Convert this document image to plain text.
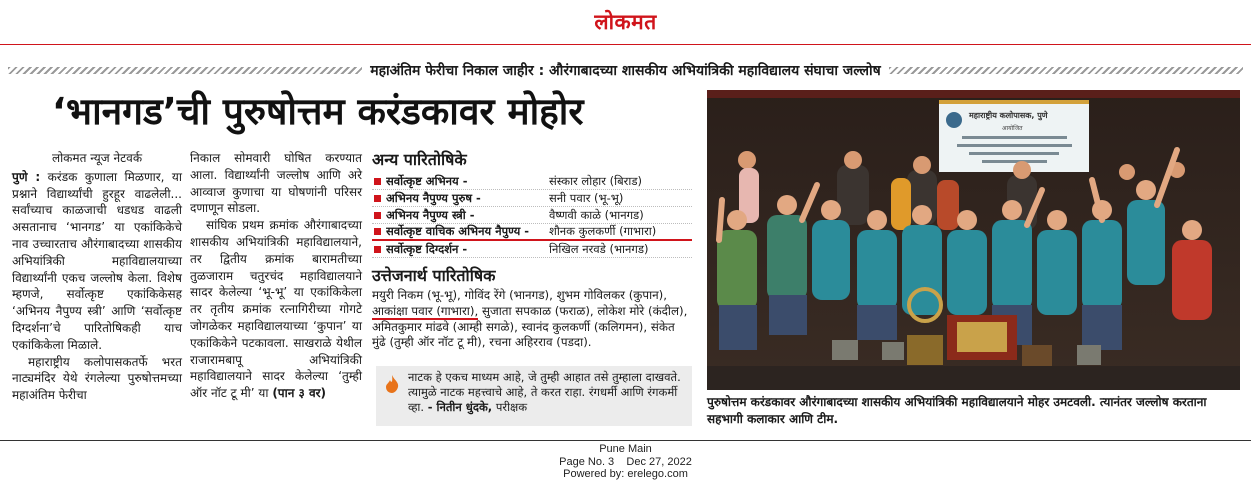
लोकमत
महाअंतिम फेरीचा निकाल जाहीर : औरंगाबादच्या शासकीय अभियांत्रिकी महाविद्यालय संघाचा जल्लोष
‘भानगड’ची पुरुषोत्तम करंडकावर मोहोर
लोकमत न्यूज नेटवर्क

पुणे : करंडक कुणाला मिळणार, या प्रश्नाने विद्यार्थ्यांची हुरहूर वाढलेली... सर्वांच्याच काळजाची धडधड वाढली असतानाच ‘भानगड’ या एकांकिकेचे नाव उच्चारताच औरंगाबादच्या शासकीय अभियांत्रिकी महाविद्यालयाच्या विद्यार्थ्यांनी एकच जल्लोष केला. विशेष म्हणजे, सर्वोत्कृष्ट एकांकिकेसह ‘अभिनय नैपुण्य स्त्री’ आणि ‘सर्वोत्कृष्ट दिग्दर्शना’चे पारितोषिकही याच एकांकिकेला मिळाले.

महाराष्ट्रीय कलोपासकतर्फे भरत नाट्यमंदिर येथे रंगलेल्या पुरुषोत्तमच्या महाअंतिम फेरीचा

निकाल सोमवारी घोषित करण्यात आला. विद्यार्थ्यांनी जल्लोष आणि अरे आव्वाज कुणाचा या घोषणांनी परिसर दणाणून सोडला.

सांघिक प्रथम क्रमांक औरंगाबादच्या शासकीय अभियांत्रिकी महाविद्यालयाने, तर द्वितीय क्रमांक बारामतीच्या तुळजाराम चतुरचंद महाविद्यालयाने सादर केलेल्या ‘भू-भू’ या एकांकिकेला तर तृतीय क्रमांक रत्नागिरीच्या गोगटे जोगळेकर महाविद्यालयाच्या ‘कुपान’ या एकांकिकेने पटकावला. साखराळे येथील राजारामबापू अभियांत्रिकी महाविद्यालयाने सादर केलेल्या ‘तुम्ही ऑर नॉट टू मी’ या (पान ३ वर)

अन्य पारितोषिके
सर्वोत्कृष्ट अभिनय -	संस्कार लोहार (बिराड)
अभिनय नैपुण्य पुरुष -	सनी पवार (भू-भू)
अभिनय नैपुण्य स्त्री -	वैष्णवी काळे (भानगड)
सर्वोत्कृष्ट वाचिक अभिनय नैपुण्य -	शौनक कुलकर्णी (गाभारा)
सर्वोत्कृष्ट दिग्दर्शन -	निखिल नरवडे (भानगड)
उत्तेजनार्थ पारितोषिक
मयुरी निकम (भू-भू), गोविंद रेंगे (भानगड), शुभम गोविलकर (कुपान), आकांक्षा पवार (गाभारा), सुजाता सपकाळ (फराळ), लोकेश मोरे (कंदील), अमितकुमार मांढवे (आम्ही सगळे), स्वानंद कुलकर्णी (कलिगमन), संकेत मुंढे (तुम्ही ऑर नॉट टू मी), रचना अहिरराव (पडदा).
नाटक हे एकच माध्यम आहे, जे तुम्ही आहात तसे तुम्हाला दाखवते. त्यामुळे नाटक महत्त्वाचे आहे, ते करत राहा. रंगधर्मी आणि रंगकर्मी व्हा. - नितीन धुंदके, परीक्षक
महाराष्ट्रीय कलोपासक, पुणे
आयोजित
पुरुषोत्तम करंडकावर औरंगाबादच्या शासकीय अभियांत्रिकी महाविद्यालयाने मोहर उमटवली. त्यानंतर जल्लोष करताना सहभागी कलाकार आणि टीम.
Pune Main
Page No. 3    Dec 27, 2022
Powered by: erelego.com
